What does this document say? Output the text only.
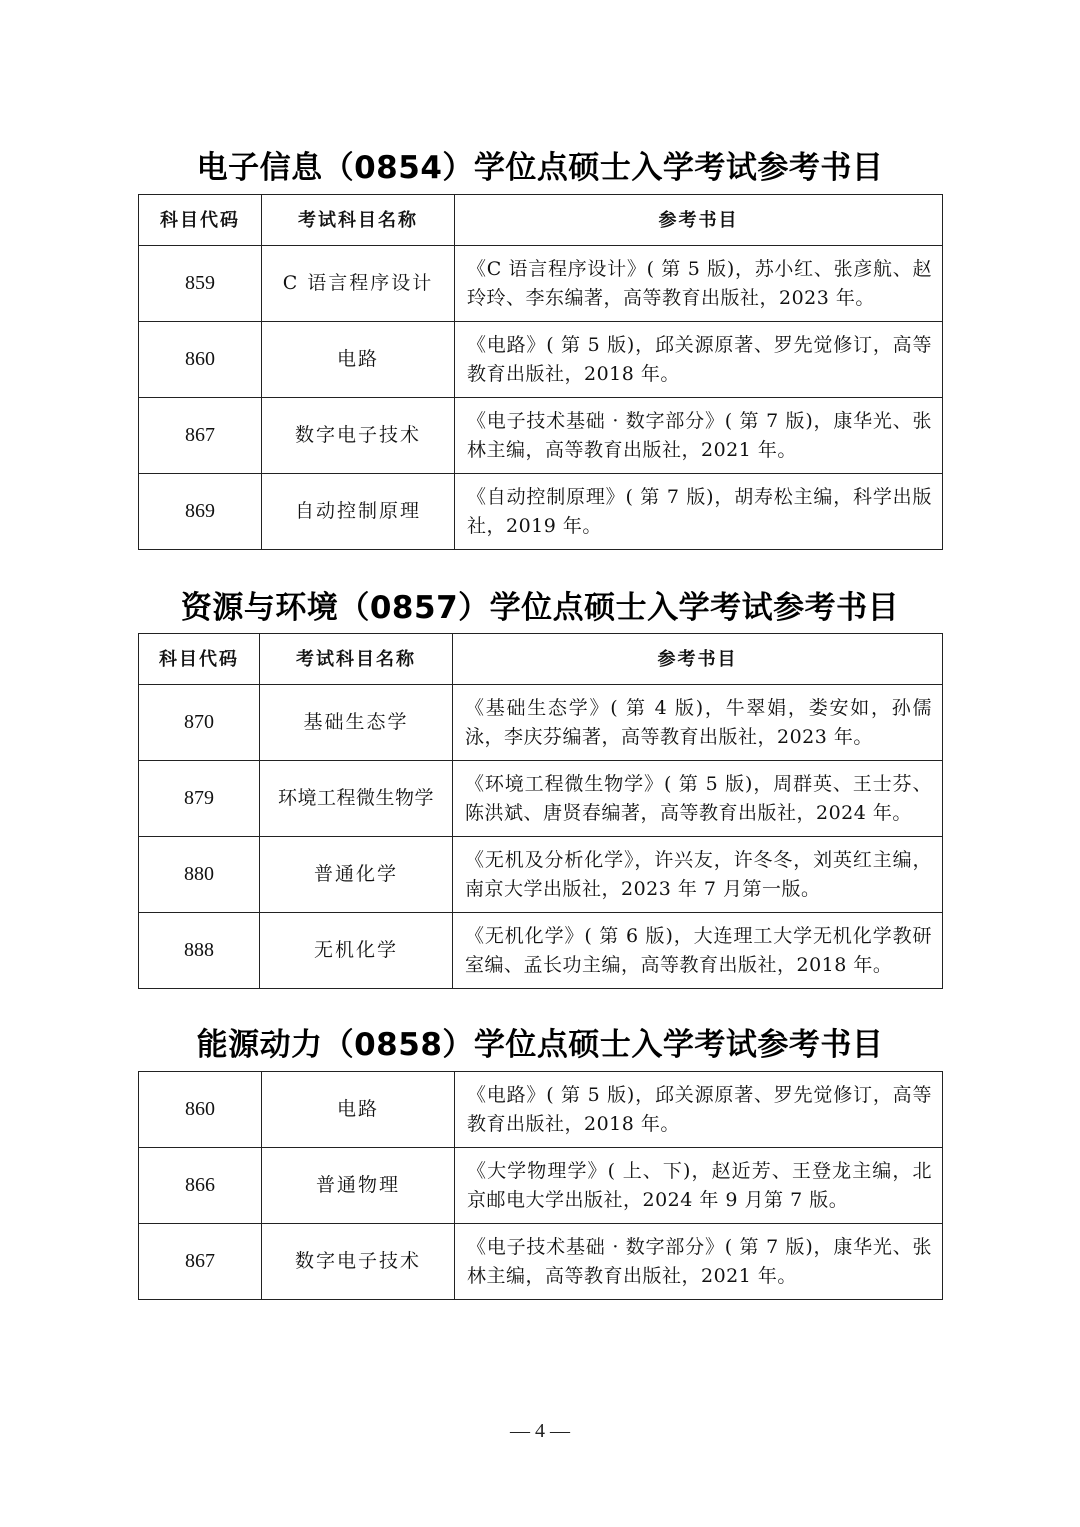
电子信息（0854）学位点硕士入学考试参考书目
科目代码	考试科目名称	参考书目
859	C 语言程序设计	《C 语言程序设计》( 第 5 版)，苏小红、张彦航、赵玲玲、李东编著，高等教育出版社，2023 年。
860	电路	《电路》( 第 5 版)，邱关源原著、罗先觉修订，高等教育出版社，2018 年。
867	数字电子技术	《电子技术基础 · 数字部分》( 第 7 版)，康华光、张林主编，高等教育出版社，2021 年。
869	自动控制原理	《自动控制原理》( 第 7 版)，胡寿松主编，科学出版社，2019 年。
资源与环境（0857）学位点硕士入学考试参考书目
科目代码	考试科目名称	参考书目
870	基础生态学	《基础生态学》( 第 4 版)，牛翠娟，娄安如，孙儒泳，李庆芬编著，高等教育出版社，2023 年。
879	环境工程微生物学	《环境工程微生物学》( 第 5 版)，周群英、王士芬、陈洪斌、唐贤春编著，高等教育出版社，2024 年。
880	普通化学	《无机及分析化学》，许兴友，许冬冬，刘英红主编，南京大学出版社，2023 年 7 月第一版。
888	无机化学	《无机化学》( 第 6 版)，大连理工大学无机化学教研室编、孟长功主编，高等教育出版社，2018 年。
能源动力（0858）学位点硕士入学考试参考书目
860	电路	《电路》( 第 5 版)，邱关源原著、罗先觉修订，高等教育出版社，2018 年。
866	普通物理	《大学物理学》( 上、下)，赵近芳、王登龙主编，北京邮电大学出版社，2024 年 9 月第 7 版。
867	数字电子技术	《电子技术基础 · 数字部分》( 第 7 版)，康华光、张林主编，高等教育出版社，2021 年。
— 4 —
